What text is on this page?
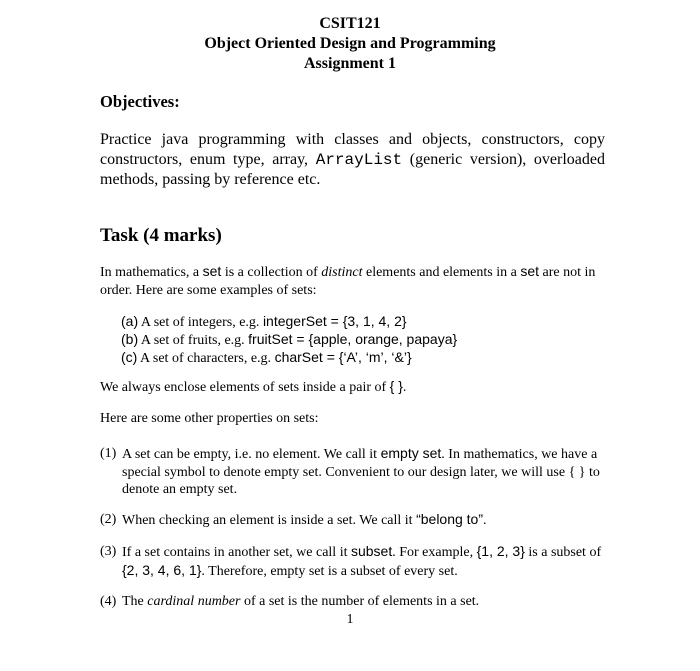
CSIT121
Object Oriented Design and Programming
Assignment 1
Objectives:
Practice java programming with classes and objects, constructors, copy constructors, enum type, array, ArrayList (generic version), overloaded methods, passing by reference etc.
Task (4 marks)
In mathematics, a set is a collection of distinct elements and elements in a set are not in order. Here are some examples of sets:
(a) A set of integers, e.g. integerSet = {3, 1, 4, 2}
(b) A set of fruits, e.g. fruitSet = {apple, orange, papaya}
(c) A set of characters, e.g. charSet = {‘A’, ‘m’, ‘&’}
We always enclose elements of sets inside a pair of { }.
Here are some other properties on sets:
(1) A set can be empty, i.e. no element. We call it empty set. In mathematics, we have a special symbol to denote empty set. Convenient to our design later, we will use { } to denote an empty set.
(2) When checking an element is inside a set. We call it “belong to”.
(3) If a set contains in another set, we call it subset. For example, {1, 2, 3} is a subset of {2, 3, 4, 6, 1}. Therefore, empty set is a subset of every set.
(4) The cardinal number of a set is the number of elements in a set.
1
